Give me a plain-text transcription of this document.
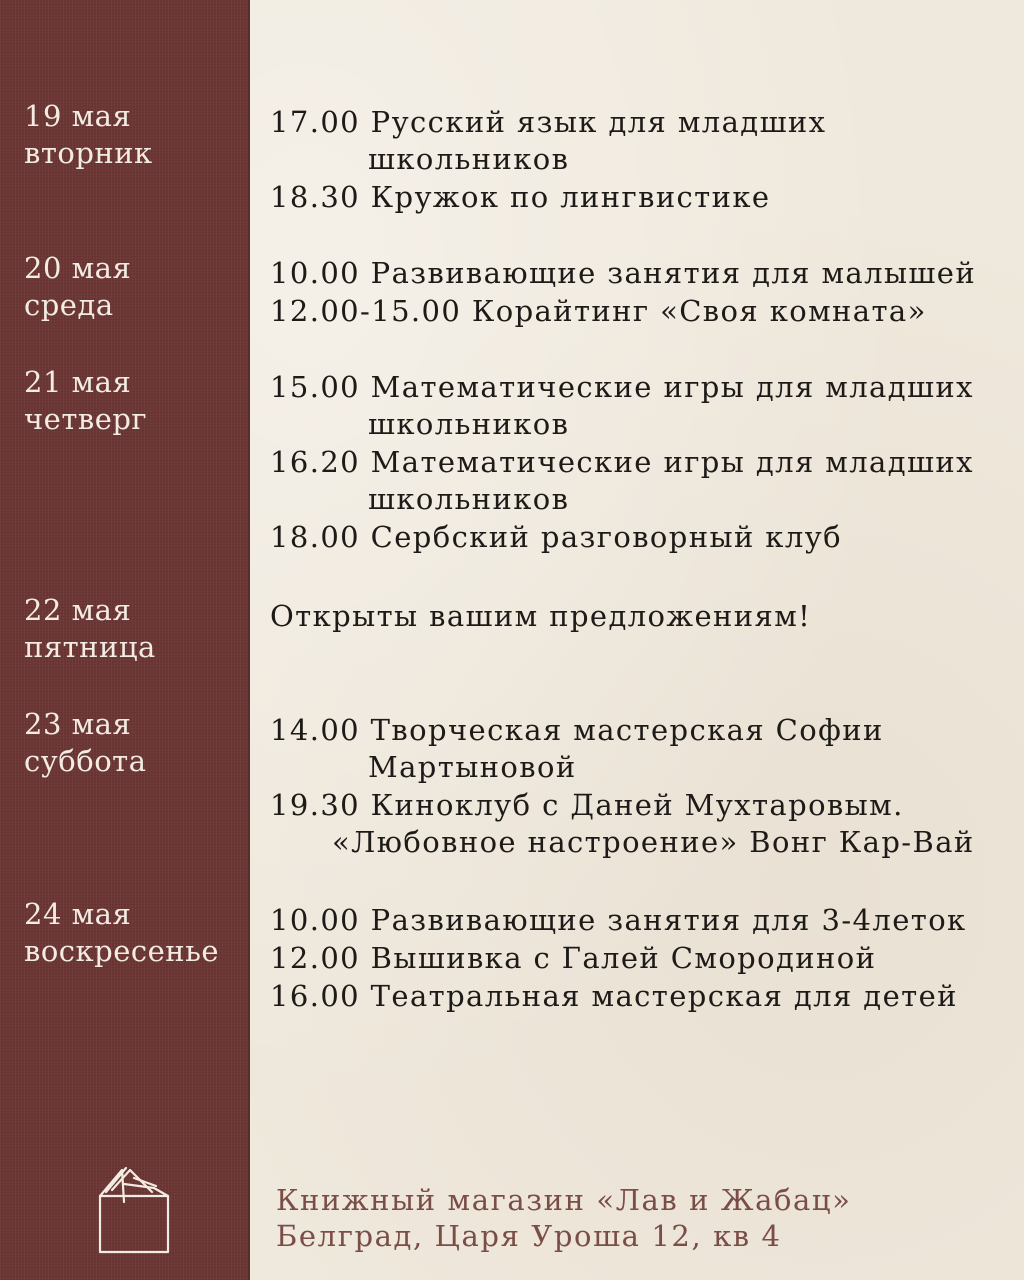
19 мая
вторник
20 мая
среда
21 мая
четверг
22 мая
пятница
23 мая
суббота
24 мая
воскресенье
17.00 Русский язык для младших школьников
18.30 Кружок по лингвистике
10.00 Развивающие занятия для малышей
12.00-15.00 Корайтинг «Своя комната»
15.00 Математические игры для младших школьников
16.20 Математические игры для младших школьников
18.00 Сербский разговорный клуб
Открыты вашим предложениям!
14.00 Творческая мастерская Софии Мартыновой
19.30 Киноклуб с Даней Мухтаровым. «Любовное настроение» Вонг Кар-Вай
10.00 Развивающие занятия для 3-4леток
12.00 Вышивка с Галей Смородиной
16.00 Театральная мастерская для детей
Книжный магазин «Лав и Жабац»
Белград, Царя Уроша 12, кв 4
